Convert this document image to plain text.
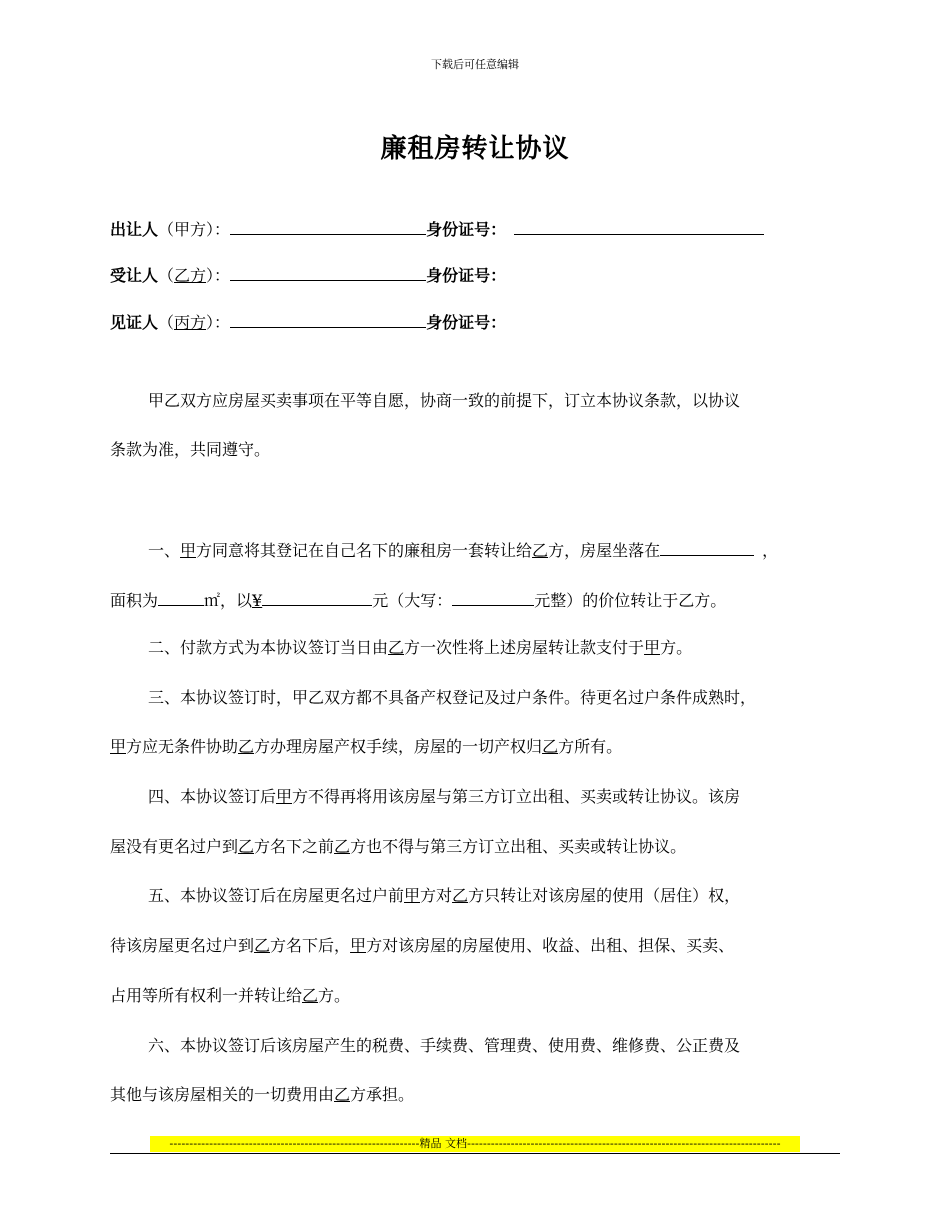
下载后可任意编辑
廉租房转让协议
出让人（甲方）：	身份证号：
受让人（乙方）：	身份证号：
见证人（丙方）：	身份证号：
甲乙双方应房屋买卖事项在平等自愿，协商一致的前提下，订立本协议条款，以协议
条款为准，共同遵守。
一、甲方同意将其登记在自己名下的廉租房一套转让给乙方，房屋坐落在	，
面积为	㎡，以¥	元（大写：	元整）的价位转让于乙方。
二、付款方式为本协议签订当日由乙方一次性将上述房屋转让款支付于甲方。
三、本协议签订时，甲乙双方都不具备产权登记及过户条件。待更名过户条件成熟时，
甲方应无条件协助乙方办理房屋产权手续，房屋的一切产权归乙方所有。
四、本协议签订后甲方不得再将用该房屋与第三方订立出租、买卖或转让协议。该房
屋没有更名过户到乙方名下之前乙方也不得与第三方订立出租、买卖或转让协议。
五、本协议签订后在房屋更名过户前甲方对乙方只转让对该房屋的使用（居住）权，
待该房屋更名过户到乙方名下后，甲方对该房屋的房屋使用、收益、出租、担保、买卖、
占用等所有权利一并转让给乙方。
六、本协议签订后该房屋产生的税费、手续费、管理费、使用费、维修费、公正费及
其他与该房屋相关的一切费用由乙方承担。
---------------------------------------------------------------精品 文档-------------------------------------------------------------------------------
